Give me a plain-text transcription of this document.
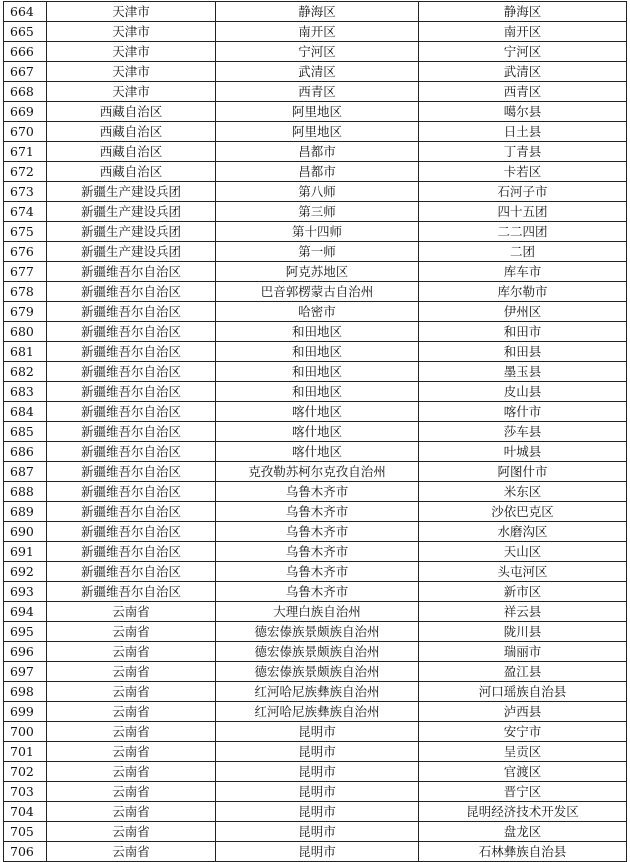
664	天津市	静海区	静海区
665	天津市	南开区	南开区
666	天津市	宁河区	宁河区
667	天津市	武清区	武清区
668	天津市	西青区	西青区
669	西藏自治区	阿里地区	噶尔县
670	西藏自治区	阿里地区	日土县
671	西藏自治区	昌都市	丁青县
672	西藏自治区	昌都市	卡若区
673	新疆生产建设兵团	第八师	石河子市
674	新疆生产建设兵团	第三师	四十五团
675	新疆生产建设兵团	第十四师	二二四团
676	新疆生产建设兵团	第一师	二团
677	新疆维吾尔自治区	阿克苏地区	库车市
678	新疆维吾尔自治区	巴音郭楞蒙古自治州	库尔勒市
679	新疆维吾尔自治区	哈密市	伊州区
680	新疆维吾尔自治区	和田地区	和田市
681	新疆维吾尔自治区	和田地区	和田县
682	新疆维吾尔自治区	和田地区	墨玉县
683	新疆维吾尔自治区	和田地区	皮山县
684	新疆维吾尔自治区	喀什地区	喀什市
685	新疆维吾尔自治区	喀什地区	莎车县
686	新疆维吾尔自治区	喀什地区	叶城县
687	新疆维吾尔自治区	克孜勒苏柯尔克孜自治州	阿图什市
688	新疆维吾尔自治区	乌鲁木齐市	米东区
689	新疆维吾尔自治区	乌鲁木齐市	沙依巴克区
690	新疆维吾尔自治区	乌鲁木齐市	水磨沟区
691	新疆维吾尔自治区	乌鲁木齐市	天山区
692	新疆维吾尔自治区	乌鲁木齐市	头屯河区
693	新疆维吾尔自治区	乌鲁木齐市	新市区
694	云南省	大理白族自治州	祥云县
695	云南省	德宏傣族景颇族自治州	陇川县
696	云南省	德宏傣族景颇族自治州	瑞丽市
697	云南省	德宏傣族景颇族自治州	盈江县
698	云南省	红河哈尼族彝族自治州	河口瑶族自治县
699	云南省	红河哈尼族彝族自治州	泸西县
700	云南省	昆明市	安宁市
701	云南省	昆明市	呈贡区
702	云南省	昆明市	官渡区
703	云南省	昆明市	晋宁区
704	云南省	昆明市	昆明经济技术开发区
705	云南省	昆明市	盘龙区
706	云南省	昆明市	石林彝族自治县
